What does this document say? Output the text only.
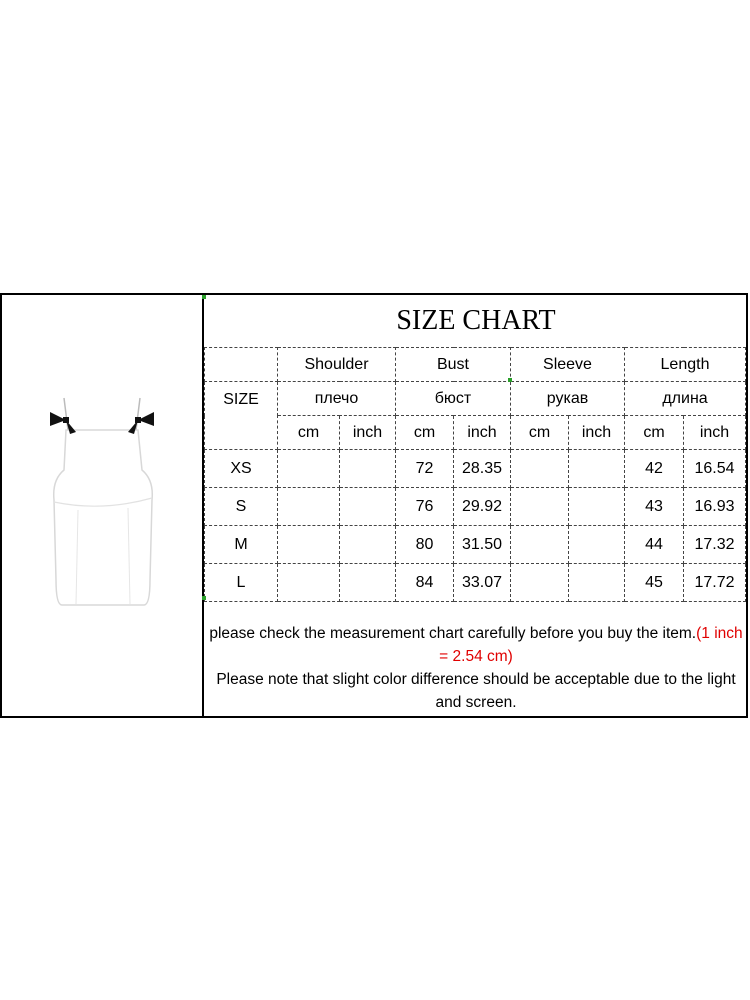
SIZE CHART
	Shoulder		Bust		Sleeve		Length	
SIZE	плечо		бюст		рукав		длина	
	cm	inch	cm	inch	cm	inch	cm	inch
XS			72	28.35			42	16.54
S			76	29.92			43	16.93
M			80	31.50			44	17.32
L			84	33.07			45	17.72

please check the measurement chart carefully before you buy the item.(1 inch = 2.54 cm)

Please note that slight color difference should be acceptable due to the light and screen.
